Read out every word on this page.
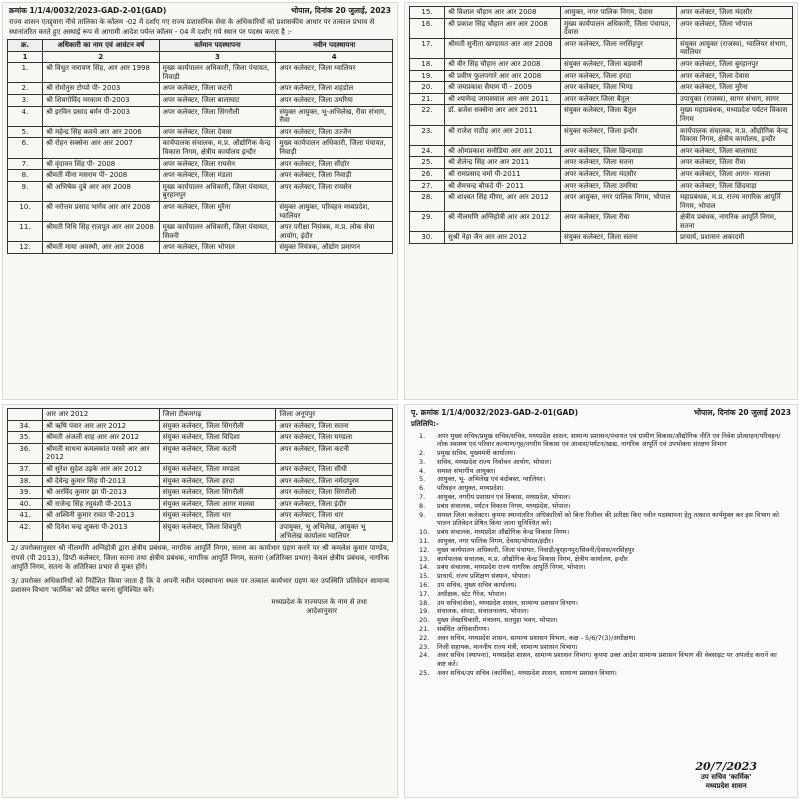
क्रमांक 1/1/4/0032/2023-GAD-2-01(GAD)	भोपाल, दिनांक 20 जुलाई, 2023
राज्य शासन एतद्द्वारा नीचे तालिका के कॉलम -02 में दर्शाए गए राज्य प्रशासनिक सेवा के अधिकारियों को प्रशासकीय आधार पर तत्काल प्रभाव से स्थानांतरित करते हुए अस्थाई रूप से आगामी आदेश पर्यन्त कॉलम - 04 में दर्शाए गये स्थान पर पदस्थ करता है :-
क्र.	अधिकारी का नाम एवं आवंटन वर्ष	वर्तमान पदस्थापना	नवीन पदस्थापना
1	2	3	4
1.	श्री विधुत नारायण सिंह, आर आर 1998	मुख्य कार्यपालन अधिकारी, जिला पंचायत, निवाड़ी	अपर कलेक्टर, जिला ग्वालियर
2.	श्री रोमोनुस टोप्पो पी- 2003	अपर कलेक्टर, जिला कटनी	अपर कलेक्टर, जिला शहडोल
3.	श्री शिवगोविंद मरकाम पी-2003	अपर कलेक्टर, जिला बालाघाट	अपर कलेक्टर, जिला उमरिया
4.	श्री इरविन प्रसाद बर्मन पी-2003	अपर कलेक्टर, जिला सिंगरौली	संयुक्त आयुक्त, भू-अभिलेख, रीवा संभाग, रीवा
5.	श्री महेन्द्र सिंह कवचे आर आर 2006	अपर कलेक्टर, जिला देवास	अपर कलेक्टर, जिला उज्जैन
6.	श्री रोहन सक्सेना आर आर 2007	कार्यपालक संचालक, म.प्र. औद्योगिक केन्द्र विकास निगम, क्षेत्रीय कार्यालय इन्दौर	मुख्य कार्यपालन अधिकारी, जिला पंचायत, निवाड़ी
7.	श्री वृंदावन सिंह पी- 2008	अपर कलेक्टर, जिला रायसेन	अपर कलेक्टर, जिला सीहोर
8.	श्रीमती मीना मसराम पी- 2008	अपर कलेक्टर, जिला मंडला	अपर कलेक्टर, जिला निवाड़ी
9.	श्री अभिषेक दुबे आर आर 2008	मुख्य कार्यपालन अधिकारी, जिला पंचायत, बुरहानपुर	अपर कलेक्टर, जिला रायसेन
10.	श्री नरोत्तम प्रसाद भार्गव आर आर 2008	अपर कलेक्टर, जिला मुरैना	संयुक्त आयुक्त, परिवहन मध्यप्रदेश, ग्वालियर
11.	श्रीमती निधि सिंह राजपूत आर आर 2008	मुख्य कार्यपालन अधिकारी, जिला पंचायत, सिवनी	अपर परीक्षा नियंत्रक, म.प्र. लोक सेवा आयोग, इंदौर
12.	श्रीमती माया अवस्थी, आर आर 2008	अपर कलेक्टर, जिला भोपाल	संयुक्त नियंत्रक, औद्योग प्रमाणन
15.	श्री विशाल चौहान आर आर 2008	आयुक्त, नगर पालिक निगम, देवास	अपर कलेक्टर, जिला मंदसौर
16.	श्री प्रकाश सिंह चौहान आर आर 2008	मुख्य कार्यपालन अधिकारी, जिला पंचायत, देवास	अपर कलेक्टर, जिला भोपाल
17.	श्रीमती सुनीता खण्डायत आर आर 2008	अपर कलेक्टर, जिला नरसिंहपुर	संयुक्त आयुक्त (राजस्व), ग्वालियर संभाग, ग्वालियर
18.	श्री वीर सिंह चौहान आर आर 2008	संयुक्त कलेक्टर, जिला बड़वानी	अपर कलेक्टर, जिला बुरहानपुर
19.	श्री प्रवीण फुलपगारे आर आर 2008	अपर कलेक्टर, जिला हरदा	अपर कलेक्टर, जिला देवास
20.	श्री जयप्रकाश सैयाम पी - 2009	अपर कलेक्टर, जिला भिण्ड	अपर कलेक्टर, जिला मुरैना
21.	श्री श्यामेन्द्र जायसवाल आर आर 2011	अपर कलेक्टर जिला बैतूल	उपायुक्त (राजस्व), सागर संभाग, सागर
22.	डॉ. ब्रजेश सक्सेना आर आर 2011	संयुक्त कलेक्टर, जिला बैतूल	मुख्य महाप्रबंधक, मध्यप्रदेश पर्यटन विकास निगम
23.	श्री राजेश राठौड़ आर आर 2011	संयुक्त कलेक्टर, जिला इन्दौर	कार्यपालक संचालक, म.प्र. औद्योगिक केन्द्र विकास निगम, क्षेत्रीय कार्यालय, इन्दौर
24.	श्री ओमप्रकाश सनोडिया आर आर 2011	अपर कलेक्टर, जिला छिन्दवाड़ा	अपर कलेक्टर, जिला बालाघाट
25.	श्री शैलेन्द्र सिंह आर आर 2011	अपर कलेक्टर, जिला सतना	अपर कलेक्टर, जिला रीवा
26.	श्री रामप्रसाद वर्मा पी-2011	अपर कलेक्टर, जिला मंदसौर	अपर कलेक्टर, जिला आगर- मालवा
27.	श्री शैमचन्द्र बौफदे पी- 2011	अपर कलेक्टर, जिला उमरिया	अपर कलेक्टर, जिला छिंदवाड़ा
28.	श्री शाश्वत सिंह मीणा, आर आर 2012	अपर आयुक्त, नगर पालिक निगम, भोपाल	महाप्रबंधक, म.प्र. राज्य नागरिक आपूर्ति निगम, भोपाल
29.	श्री नीलमणि अग्निहोत्री आर आर 2012	अपर कलेक्टर, जिला रीवा	क्षेत्रीय प्रबंधक, नागरिक आपूर्ति निगम, सतना
30.	सुश्री नेहा जैन आर आर 2012	संयुक्त कलेक्टर, जिला सतना	प्राचार्य, प्रशासन अकादमी
	आर आर 2012	जिला टीकमगढ़	जिला अनूपपुर
34.	श्री ऋषि पंवार आर आर 2012	संयुक्त कलेक्टर, जिला सिंगरौली	अपर कलेक्टर, जिला सतना
35.	श्रीमती अंजली शाह आर आर 2012	संयुक्त कलेक्टर, जिला विदिशा	अपर कलेक्टर, जिला मण्डला
36.	श्रीमती साधना कमलकांत परस्ते आर आर 2012	संयुक्त कलेक्टर, जिला कटनी	अपर कलेक्टर, जिला कटनी
37.	श्री सुरेश सुदेश उइके आर आर 2012	संयुक्त कलेक्टर, जिला मण्डला	अपर कलेक्टर, जिला सीधी
38.	श्री देवेन्द्र कुमार सिंह पी-2013	संयुक्त कलेक्टर, जिला हरदा	अपर कलेक्टर, जिला नर्मदापुरम
39.	श्री अरविंद कुमार झा पी-2013	संयुक्त कलेक्टर, जिला सिंगरौली	अपर कलेक्टर, जिला सिंगरौली
40.	श्री राजेन्द्र सिंह रघुवंशी पी-2013	संयुक्त कलेक्टर, जिला आगर मालवा	अपर कलेक्टर, जिला इंदौर
41.	श्री अश्विनी कुमार रावत पी-2013	संयुक्त कलेक्टर, जिला धार	अपर कलेक्टर, जिला धार
42.	श्री दिनेश चन्द्र शुक्ला पी-2013	संयुक्त कलेक्टर, जिला शिवपुरी	उपायुक्त, भू अभिलेख, आयुक्त भू अभिलेख कार्यालय ग्वालियर
2/ उपरोक्तानुसार श्री नीलमणि अग्निहोत्री द्वारा क्षेत्रीय प्रबंधक, नागरिक आपूर्ति निगम, सतना का कार्यभार ग्रहण करने पर श्री कमलेश कुमार पाण्डेय, रापसे (पी 2013), डिप्टी कलेक्टर, जिला सतना तथा क्षेत्रीय प्रबंधक, नागरिक आपूर्ति निगम, सतना (अतिरिक्त प्रभार) केवल क्षेत्रीय प्रबंधक, नागरिक आपूर्ति निगम, सतना के अतिरिक्त प्रभार से मुक्त होंगे।
3/ उपरोक्त अधिकारियों को निर्देशित किया जाता है कि वे अपनी नवीन पदस्थापना स्थल पर तत्काल कार्यभार ग्रहण कर उपस्थिति प्रतिवेदन सामान्य प्रशासन विभाग 'कार्मिक' को प्रेषित करना सुनिश्चित करें।
मध्यप्रदेश के राज्यपाल के नाम से तथा
आदेशानुसार
पृ. क्रमांक 1/1/4/0032/2023-GAD-2-01(GAD)	भोपाल, दिनांक 20 जुलाई 2023
प्रतिलिपि:-
1.	अपर मुख्य सचिव/प्रमुख सचिव/सचिव, मध्यप्रदेश शासन, सामान्य प्रशासन/पंचायत एवं ग्रामीण विकास/औद्योगिक नीति एवं निवेश प्रोत्साहन/परिवहन/लोक स्वास्थ्य एवं परिवार कल्याण/गृह/नगरीय विकास एवं आवास/पर्यटन/खाद्य, नागरिक आपूर्ति एवं उपभोक्ता संरक्षण विभाग
2.	प्रमुख सचिव, मुख्यमंत्री कार्यालय।
3.	सचिव, मध्यप्रदेश राज्य निर्वाचन आयोग, भोपाल।
4.	समस्त संभागीय आयुक्त।
5.	आयुक्त, भू- अभिलेख एवं बंदोबस्त, ग्वालियर।
6.	परिवहन आयुक्त, मध्यप्रदेश।
7.	आयुक्त, नगरीय प्रशासन एवं विकास, मध्यप्रदेश, भोपाल।
8.	प्रबंध संचालक, पर्यटन विकास निगम, मध्यप्रदेश, भोपाल।
9.	समस्त जिला कलेक्टर। कृपया स्थानांतरित अधिकारियों को बिना रिलीवर की प्रतीक्षा किए नवीन पदस्थापना हेतु तत्काल कार्यमुक्त कर इस विभाग को पालन प्रतिवेदन प्रेषित किया जाना सुनिश्चित करें।
10.	प्रबंध संचालक, मध्यप्रदेश औद्योगिक केन्द्र विकास निगम।
11.	आयुक्त, नगर पालिक निगम, देवास/भोपाल/इंदौर।
12.	मुख्य कार्यपालन अधिकारी, जिला पंचायत, निवाड़ी/बुरहानपुर/सिवनी/देवास/नरसिंहपुर
13.	कार्यपालक संचालक, म.प्र. औद्योगिक केन्द्र विकास निगम, क्षेत्रीय कार्यालय, इन्दौर
14.	प्रबंध संचालक, मध्यप्रदेश राज्य नागरिक आपूर्ति निगम, भोपाल।
15.	प्राचार्य, राज्य प्रशिक्षण संस्थान, भोपाल।
16.	उप सचिव, मुख्य सचिव कार्यालय।
17.	अधीक्षक, स्टेट गैरेज, भोपाल।
18.	उप सचिव(सेवा), मध्यप्रदेश शासन, सामान्य प्रशासन विभाग।
19.	संचालक, संपदा, संचालनालय, भोपाल।
20.	मुख्य लेखाधिकारी, मंत्रालय, सतपुड़ा भवन, भोपाल।
21.	संबंधित अधिकारीगण।
22.	अवर सचिव, मध्यप्रदेश शासन, सामान्य प्रशासन विभाग, कक्ष - 5/6/7(3)/अधीक्षण।
23.	निजी सहायक, माननीय राज्य मंत्री, सामान्य प्रशासन विभाग।
24.	अवर सचिव (स्थापना), मध्यप्रदेश शासन, सामान्य प्रशासन विभाग। कृपया उक्त आदेश सामान्य प्रशासन विभाग की वेबसाइट पर अपलोड कराने का कष्ट करें।
25.	अवर सचिव/उप सचिव (कार्मिक), मध्यप्रदेश शासन, सामान्य प्रशासन विभाग।
20/7/2023
उप सचिव 'कार्मिक'
मध्यप्रदेश शासन
